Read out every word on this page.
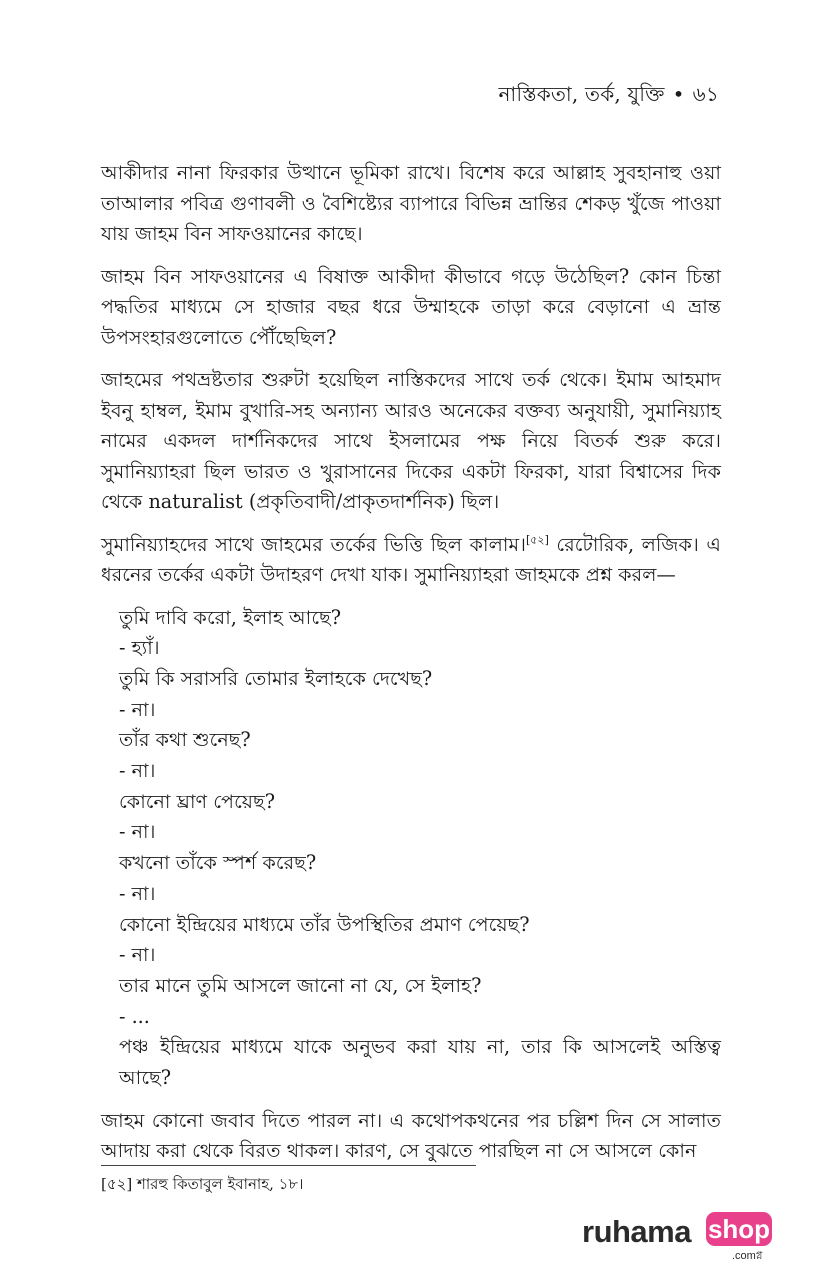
নাস্তিকতা, তর্ক, যুক্তি • ৬১

আকীদার নানা ফিরকার উত্থানে ভূমিকা রাখে। বিশেষ করে আল্লাহ সুবহানাহু ওয়া তাআলার পবিত্র গুণাবলী ও বৈশিষ্ট্যের ব্যাপারে বিভিন্ন ভ্রান্তির শেকড় খুঁজে পাওয়া যায় জাহম বিন সাফওয়ানের কাছে।

জাহম বিন সাফওয়ানের এ বিষাক্ত আকীদা কীভাবে গড়ে উঠেছিল? কোন চিন্তা পদ্ধতির মাধ্যমে সে হাজার বছর ধরে উম্মাহকে তাড়া করে বেড়ানো এ ভ্রান্ত উপসংহারগুলোতে পৌঁছেছিল?

জাহমের পথভ্রষ্টতার শুরুটা হয়েছিল নাস্তিকদের সাথে তর্ক থেকে। ইমাম আহমাদ ইবনু হাম্বল, ইমাম বুখারি-সহ অন্যান্য আরও অনেকের বক্তব্য অনুযায়ী, সুমানিয়্যাহ নামের একদল দার্শনিকদের সাথে ইসলামের পক্ষ নিয়ে বিতর্ক শুরু করে। সুমানিয়্যাহরা ছিল ভারত ও খুরাসানের দিকের একটা ফিরকা, যারা বিশ্বাসের দিক থেকে naturalist (প্রকৃতিবাদী/প্রাকৃতদার্শনিক) ছিল।

সুমানিয়্যাহদের সাথে জাহমের তর্কের ভিত্তি ছিল কালাম।[৫২] রেটোরিক, লজিক। এ ধরনের তর্কের একটা উদাহরণ দেখা যাক। সুমানিয়্যাহরা জাহমকে প্রশ্ন করল—

তুমি দাবি করো, ইলাহ আছে?
- হ্যাঁ।
তুমি কি সরাসরি তোমার ইলাহকে দেখেছ?
- না।
তাঁর কথা শুনেছ?
- না।
কোনো ঘ্রাণ পেয়েছ?
- না।
কখনো তাঁকে স্পর্শ করেছ?
- না।
কোনো ইন্দ্রিয়ের মাধ্যমে তাঁর উপস্থিতির প্রমাণ পেয়েছ?
- না।
তার মানে তুমি আসলে জানো না যে, সে ইলাহ?
- ...
পঞ্চ ইন্দ্রিয়ের মাধ্যমে যাকে অনুভব করা যায় না, তার কি আসলেই অস্তিত্ব আছে?

জাহম কোনো জবাব দিতে পারল না। এ কথোপকথনের পর চল্লিশ দিন সে সালাত আদায় করা থেকে বিরত থাকল। কারণ, সে বুঝতে পারছিল না সে আসলে কোন

[৫২] শারহু কিতাবুল ইবানাহ, ১৮।
ruhama shop
.comগ্ন
